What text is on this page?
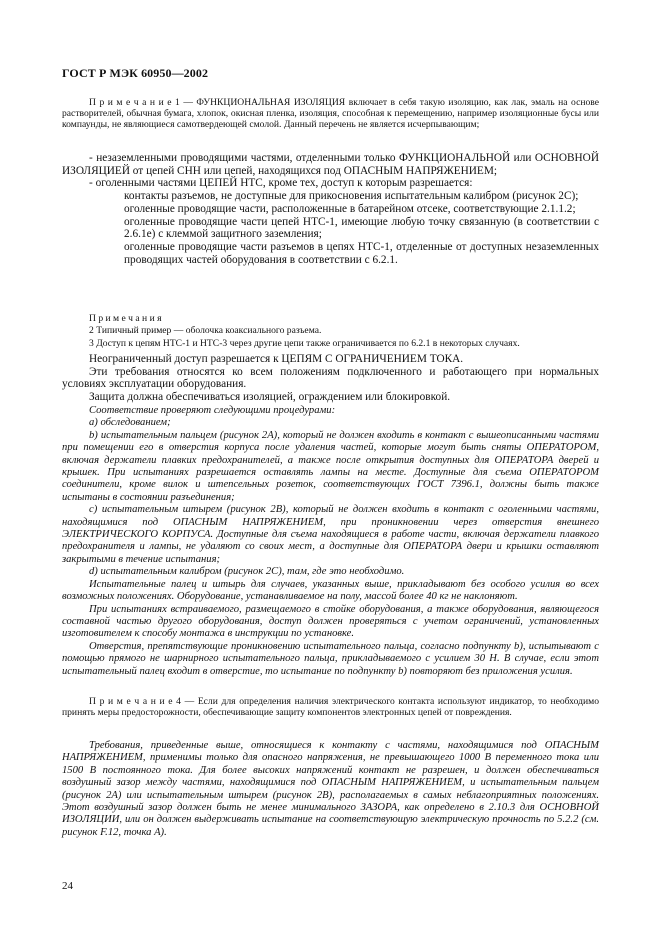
ГОСТ Р МЭК 60950—2002
П р и м е ч а н и е 1 — ФУНКЦИОНАЛЬНАЯ ИЗОЛЯЦИЯ включает в себя такую изоляцию, как лак, эмаль на основе растворителей, обычная бумага, хлопок, окисная пленка, изоляция, способная к перемещению, например изоляционные бусы или компаунды, не являющиеся самотвердеющей смолой. Данный перечень не является исчерпывающим;

- незаземленными проводящими частями, отделенными только ФУНКЦИОНАЛЬНОЙ или ОСНОВНОЙ ИЗОЛЯЦИЕЙ от цепей СНН или цепей, находящихся под ОПАСНЫМ НАПРЯЖЕНИЕМ;

- оголенными частями ЦЕПЕЙ НТС, кроме тех, доступ к которым разрешается:

контакты разъемов, не доступные для прикосновения испытательным калибром (рисунок 2С);

оголенные проводящие части, расположенные в батарейном отсеке, соответствующие 2.1.1.2;

оголенные проводящие части цепей НТС-1, имеющие любую точку связанную (в соответствии с 2.6.1е) с клеммой защитного заземления;

оголенные проводящие части разъемов в цепях НТС-1, отделенные от доступных незаземленных проводящих частей оборудования в соответствии с 6.2.1.

П р и м е ч а н и я

2 Типичный пример — оболочка коаксиального разъема.

3 Доступ к цепям НТС-1 и НТС-3 через другие цепи также ограничивается по 6.2.1 в некоторых случаях.

Неограниченный доступ разрешается к ЦЕПЯМ С ОГРАНИЧЕНИЕМ ТОКА.

Эти требования относятся ко всем положениям подключенного и работающего при нормальных условиях эксплуатации оборудования.

Защита должна обеспечиваться изоляцией, ограждением или блокировкой.

Соответствие проверяют следующими процедурами:

а) обследованием;

b) испытательным пальцем (рисунок 2А), который не должен входить в контакт с вышеописанными частями при помещении его в отверстия корпуса после удаления частей, которые могут быть сняты ОПЕРАТОРОМ, включая держатели плавких предохранителей, а также после открытия доступных для ОПЕРАТОРА дверей и крышек. При испытаниях разрешается оставлять лампы на месте. Доступные для съема ОПЕРАТОРОМ соединители, кроме вилок и штепсельных розеток, соответствующих ГОСТ 7396.1, должны быть также испытаны в состоянии разъединения;

с) испытательным штырем (рисунок 2В), который не должен входить в контакт с оголенными частями, находящимися под ОПАСНЫМ НАПРЯЖЕНИЕМ, при проникновении через отверстия внешнего ЭЛЕКТРИЧЕСКОГО КОРПУСА. Доступные для съема находящиеся в работе части, включая держатели плавкого предохранителя и лампы, не удаляют со своих мест, а доступные для ОПЕРАТОРА двери и крышки оставляют закрытыми в течение испытания;

d) испытательным калибром (рисунок 2С), там, где это необходимо.

Испытательные палец и штырь для случаев, указанных выше, прикладывают без особого усилия во всех возможных положениях. Оборудование, устанавливаемое на полу, массой более 40 кг не наклоняют.

При испытаниях встраиваемого, размещаемого в стойке оборудования, а также оборудования, являющегося составной частью другого оборудования, доступ должен проверяться с учетом ограничений, установленных изготовителем к способу монтажа в инструкции по установке.

Отверстия, препятствующие проникновению испытательного пальца, согласно подпункту b), испытывают с помощью прямого не шарнирного испытательного пальца, прикладываемого с усилием 30 Н. В случае, если этот испытательный палец входит в отверстие, то испытание по подпункту b) повторяют без приложения усилия.

П р и м е ч а н и е 4 — Если для определения наличия электрического контакта используют индикатор, то необходимо принять меры предосторожности, обеспечивающие защиту компонентов электронных цепей от повреждения.
Требования, приведенные выше, относящиеся к контакту с частями, находящимися под ОПАСНЫМ НАПРЯЖЕНИЕМ, применимы только для опасного напряжения, не превышающего 1000 В переменного тока или 1500 В постоянного тока. Для более высоких напряжений контакт не разрешен, и должен обеспечиваться воздушный зазор между частями, находящимися под ОПАСНЫМ НАПРЯЖЕНИЕМ, и испытательным пальцем (рисунок 2А) или испытательным штырем (рисунок 2В), располагаемых в самых неблагоприятных положениях. Этот воздушный зазор должен быть не менее минимального ЗАЗОРА, как определено в 2.10.3 для ОСНОВНОЙ ИЗОЛЯЦИИ, или он должен выдерживать испытание на соответствующую электрическую прочность по 5.2.2 (см. рисунок F.12, точка А).
24
